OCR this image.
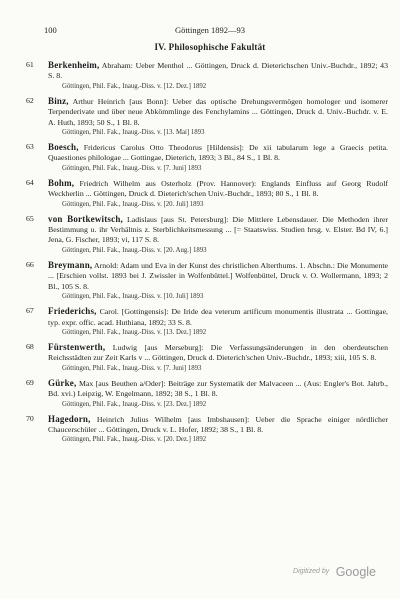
100	Göttingen 1892—93
IV. Philosophische Fakultät
61 Berkenheim, Abraham: Ueber Menthol ... Göttingen, Druck d. Dieterichschen Univ.-Buchdr., 1892; 43 S. 8.
Göttingen, Phil. Fak., Inaug.-Diss. v. [12. Dez.] 1892
62 Binz, Arthur Heinrich [aus Bonn]: Ueber das optische Drehungsvermögen homologer und isomerer Terpenderivate und über neue Abkömmlinge des Fenchylamins ... Göttingen, Druck d. Univ.-Buchdr. v. E. A. Huth, 1893; 50 S., 1 Bl. 8.
Göttingen, Phil. Fak., Inaug.-Diss. v. [13. Mai] 1893
63 Boesch, Fridericus Carolus Otto Theodorus [Hildensis]: De xii tabularum lege a Graecis petita. Quaestiones philologae ... Gottingae, Dieterich, 1893; 3 Bl., 84 S., 1 Bl. 8.
Göttingen, Phil. Fak., Inaug.-Diss. v. [7. Juni] 1893
64 Bohm, Friedrich Wilhelm aus Osterholz (Prov. Hannover): Englands Einfluss auf Georg Rudolf Weckherlin ... Göttingen, Druck d. Dieterich'schen Univ.-Buchdr., 1893; 80 S., 1 Bl. 8.
Göttingen, Phil. Fak., Inaug.-Diss. v. [20. Juli] 1893
65 von Bortkewitsch, Ladislaus [aus St. Petersburg]: Die Mittlere Lebensdauer. Die Methoden ihrer Bestimmung u. ihr Verhältnis z. Sterblichkeitsmessung ... [= Staatswiss. Studien hrsg. v. Elster. Bd IV, 6.] Jena, G. Fischer, 1893; vi, 117 S. 8.
Göttingen, Phil. Fak., Inaug.-Diss. v. [20. Aug.] 1893
66 Breymann, Arnold: Adam und Eva in der Kunst des christlichen Alterthums. 1. Abschn.: Die Monumente ... [Erschien vollst. 1893 bei J. Zwissler in Wolfenbüttel.] Wolfenbüttel, Druck v. O. Wollermann, 1893; 2 Bl., 105 S. 8.
Göttingen, Phil. Fak., Inaug.-Diss. v. [10. Juli] 1893
67 Friederichs, Carol. [Gottingensis]: De Iride dea veterum artificum monumentis illustrata ... Gottingae, typ. expr. offic. acad. Huthiana, 1892; 33 S. 8.
Göttingen, Phil. Fak., Inaug.-Diss. v. [13. Dez.] 1892
68 Fürstenwerth, Ludwig [aus Merseburg]: Die Verfassungsänderungen in den oberdeutschen Reichsstädten zur Zeit Karls v ... Göttingen, Druck d. Dieterich'schen Univ.-Buchdr., 1893; xiii, 105 S. 8.
Göttingen, Phil. Fak., Inaug.-Diss. v. [7. Juni] 1893
69 Gürke, Max [aus Beuthen a/Oder]: Beiträge zur Systematik der Malvaceen ... (Aus: Engler's Bot. Jahrb., Bd. xvi.) Leipzig, W. Engelmann, 1892; 38 S., 1 Bl. 8.
Göttingen, Phil. Fak., Inaug.-Diss. v. [23. Dez.] 1892
70 Hagedorn, Heinrich Julius Wilhelm [aus Imbshausen]: Ueber die Sprache einiger nördlicher Chaucerschüler ... Göttingen, Druck v. L. Hofer, 1892; 38 S., 1 Bl. 8.
Göttingen, Phil. Fak., Inaug.-Diss. v. [20. Dez.] 1892
Digitized by Google
